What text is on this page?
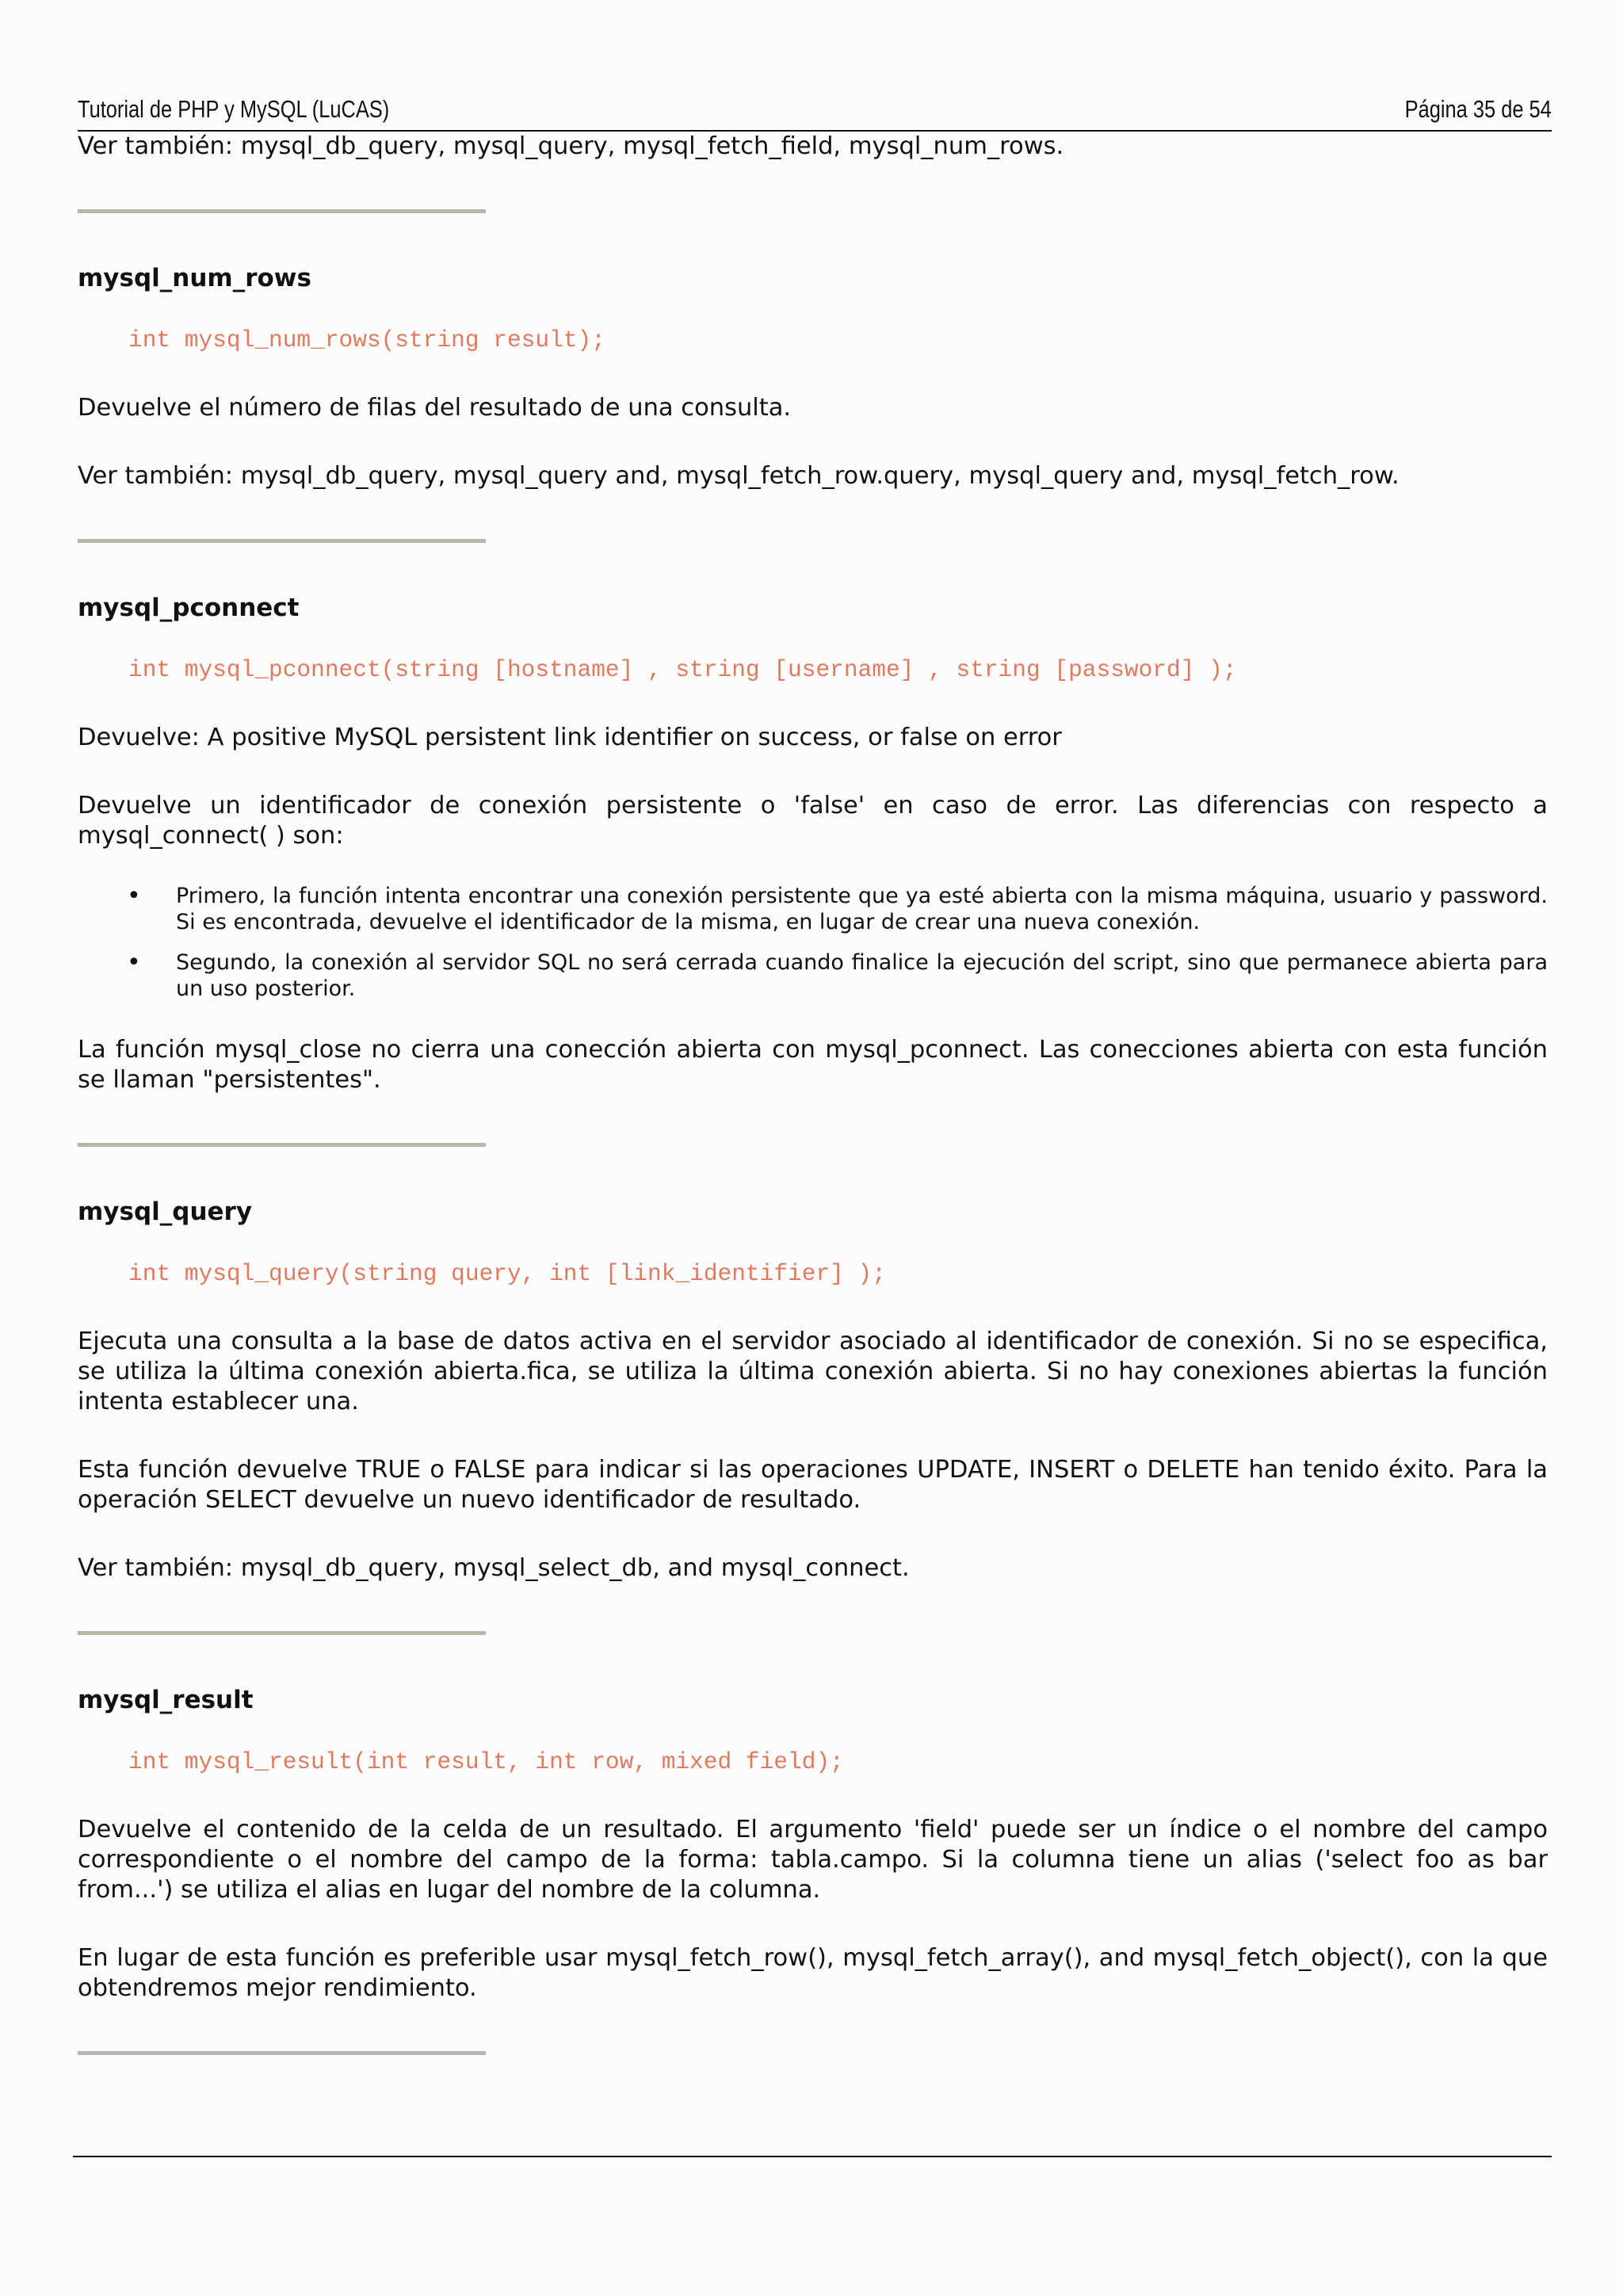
Tutorial de PHP y MySQL (LuCAS)	Página 35 de 54

Ver también: mysql_db_query, mysql_query, mysql_fetch_field, mysql_num_rows.

mysql_num_rows
int mysql_num_rows(string result);

Devuelve el número de filas del resultado de una consulta.

Ver también: mysql_db_query, mysql_query and, mysql_fetch_row.query, mysql_query and, mysql_fetch_row.

mysql_pconnect
int mysql_pconnect(string [hostname] , string [username] , string [password] );

Devuelve: A positive MySQL persistent link identifier on success, or false on error

Devuelve un identificador de conexión persistente o 'false' en caso de error. Las diferencias con respecto a mysql_connect( ) son:

• Primero, la función intenta encontrar una conexión persistente que ya esté abierta con la misma máquina, usuario y password. Si es encontrada, devuelve el identificador de la misma, en lugar de crear una nueva conexión.
• Segundo, la conexión al servidor SQL no será cerrada cuando finalice la ejecución del script, sino que permanece abierta para un uso posterior.

La función mysql_close no cierra una conección abierta con mysql_pconnect. Las conecciones abierta con esta función se llaman "persistentes".

mysql_query
int mysql_query(string query, int [link_identifier] );

Ejecuta una consulta a la base de datos activa en el servidor asociado al identificador de conexión. Si no se especifica, se utiliza la última conexión abierta.fica, se utiliza la última conexión abierta. Si no hay conexiones abiertas la función intenta establecer una.

Esta función devuelve TRUE o FALSE para indicar si las operaciones UPDATE, INSERT o DELETE han tenido éxito. Para la operación SELECT devuelve un nuevo identificador de resultado.

Ver también: mysql_db_query, mysql_select_db, and mysql_connect.

mysql_result
int mysql_result(int result, int row, mixed field);

Devuelve el contenido de la celda de un resultado. El argumento 'field' puede ser un índice o el nombre del campo correspondiente o el nombre del campo de la forma: tabla.campo. Si la columna tiene un alias ('select foo as bar from...') se utiliza el alias en lugar del nombre de la columna.

En lugar de esta función es preferible usar mysql_fetch_row(), mysql_fetch_array(), and mysql_fetch_object(), con la que obtendremos mejor rendimiento.
